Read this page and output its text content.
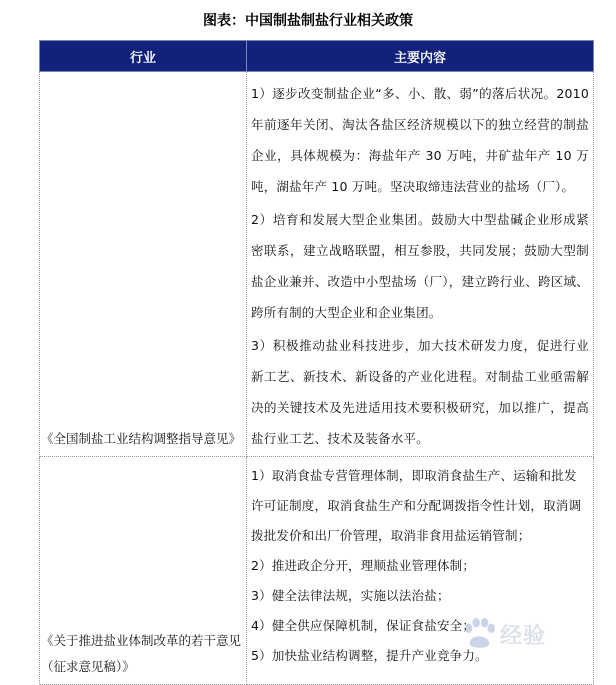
图表：中国制盐制盐行业相关政策
行业	主要内容

《全国制盐工业结构调整指导意见》	1）逐步改变制盐企业“多、小、散、弱”的落后状况。2010年前逐年关闭、淘汰各盐区经济规模以下的独立经营的制盐企业，具体规模为：海盐年产 30 万吨，井矿盐年产 10 万吨，湖盐年产 10 万吨。坚决取缔违法营业的盐场（厂）。

2）培育和发展大型企业集团。鼓励大中型盐碱企业形成紧密联系，建立战略联盟，相互参股，共同发展；鼓励大型制盐企业兼并、改造中小型盐场（厂），建立跨行业、跨区域、跨所有制的大型企业和企业集团。

3）积极推动盐业科技进步，加大技术研发力度，促进行业新工艺、新技术、新设备的产业化进程。对制盐工业亟需解决的关键技术及先进适用技术要积极研究，加以推广，提高盐行业工艺、技术及装备水平。

《关于推进盐业体制改革的若干意见（征求意见稿）》	1）取消食盐专营管理体制，即取消食盐生产、运输和批发许可证制度，取消食盐生产和分配调拨指令性计划，取消调拨批发价和出厂价管理，取消非食用盐运销管制；
2）推进政企分开，理顺盐业管理体制；
3）健全法律法规，实施以法治盐；
4）健全供应保障机制，保证食盐安全；
5）加快盐业结构调整，提升产业竞争力。
经验
